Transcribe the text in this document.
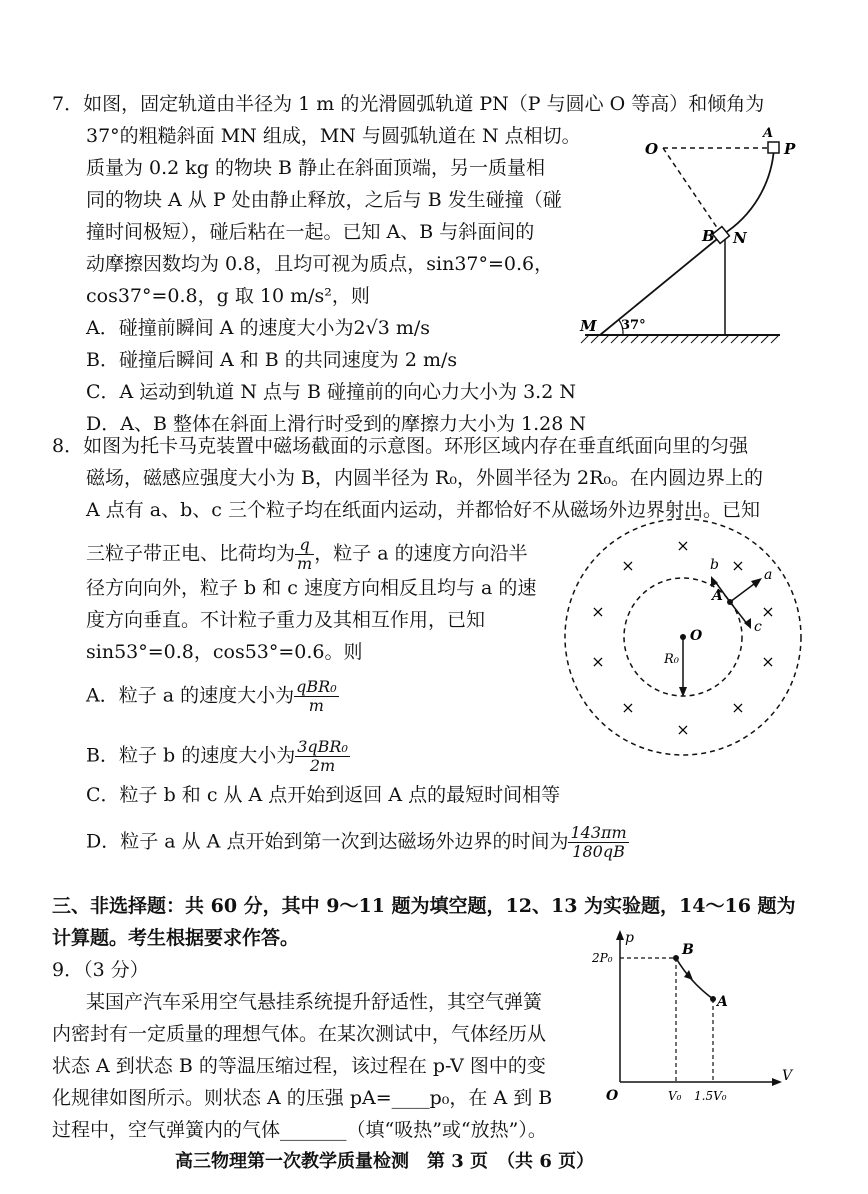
7．如图，固定轨道由半径为 1 m 的光滑圆弧轨道 PN（P 与圆心 O 等高）和倾角为
37°的粗糙斜面 MN 组成，MN 与圆弧轨道在 N 点相切。
质量为 0.2 kg 的物块 B 静止在斜面顶端，另一质量相
同的物块 A 从 P 处由静止释放，之后与 B 发生碰撞（碰
撞时间极短），碰后粘在一起。已知 A、B 与斜面间的
动摩擦因数均为 0.8，且均可视为质点，sin37°=0.6，
cos37°=0.8，g 取 10 m/s²，则
A．碰撞前瞬间 A 的速度大小为2√3 m/s
B．碰撞后瞬间 A 和 B 的共同速度为 2 m/s
C．A 运动到轨道 N 点与 B 碰撞前的向心力大小为 3.2 N
D．A、B 整体在斜面上滑行时受到的摩擦力大小为 1.28 N
O
A
P
B N
M 37°
8．如图为托卡马克装置中磁场截面的示意图。环形区域内存在垂直纸面向里的匀强
磁场，磁感应强度大小为 B，内圆半径为 R₀，外圆半径为 2R₀。在内圆边界上的
A 点有 a、b、c 三个粒子均在纸面内运动，并都恰好不从磁场外边界射出。已知
三粒子带正电、比荷均为 $\frac{q}{m}$ ，粒子 a 的速度方向沿半
径方向向外，粒子 b 和 c 速度方向相反且均与 a 的速
度方向垂直。不计粒子重力及其相互作用，已知
sin53°=0.8，cos53°=0.6。则
A．粒子 a 的速度大小为 $\frac{\text{qBR₀}}{m}$
B．粒子 b 的速度大小为 $\frac{\text{3qBR₀}}{2m}$
C．粒子 b 和 c 从 A 点开始到返回 A 点的最短时间相等
D．粒子 a 从 A 点开始到第一次到达磁场外边界的时间为 $\frac{143\pi m}{180qB}$
×
×	×
×	×
×	×
×	×
×
O
A
a
b
c
R₀
三、非选择题：共 60 分，其中 9～11 题为填空题，12、13 为实验题，14～16 题为
计算题。考生根据要求作答。
9．（3 分）
某国产汽车采用空气悬挂系统提升舒适性，其空气弹簧
内密封有一定质量的理想气体。在某次测试中，气体经历从
状态 A 到状态 B 的等温压缩过程，该过程在 p-V 图中的变
化规律如图所示。则状态 A 的压强 pA=____p₀，在 A 到 B
过程中，空气弹簧内的气体_______（填“吸热”或“放热”）。
p
V
O
B
A
2P₀
V₀ 1.5V₀
高三物理第一次教学质量检测　第 3 页　（共 6 页）
